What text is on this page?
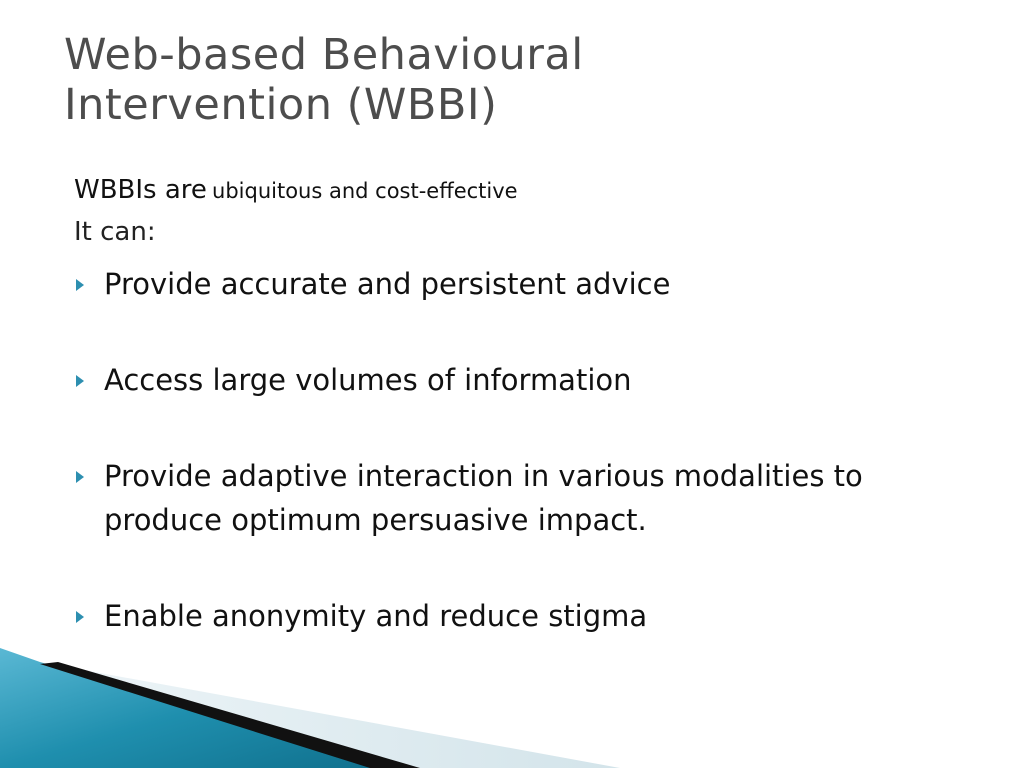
Web-based Behavioural
Intervention (WBBI)
WBBIs are ubiquitous and cost-effective
It can:
Provide accurate and persistent advice
Access large volumes of information
Provide adaptive interaction in various modalities to produce optimum persuasive impact.
Enable anonymity and reduce stigma
